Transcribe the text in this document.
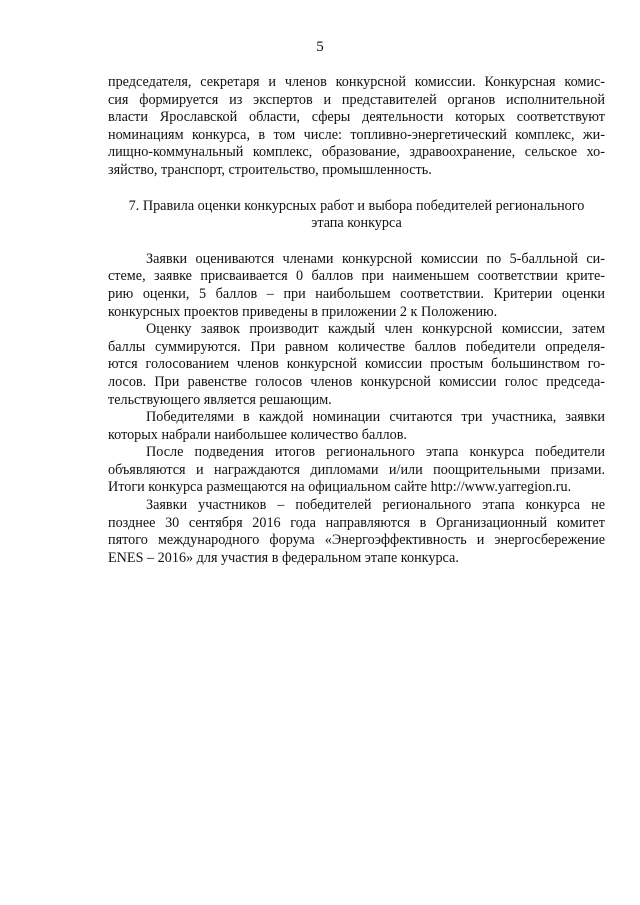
5
председателя, секретаря и членов конкурсной комиссии. Конкурсная комис-
сия формируется из экспертов и представителей органов исполнительной
власти Ярославской области, сферы деятельности которых соответствуют
номинациям конкурса, в том числе: топливно-энергетический комплекс, жи-
лищно-коммунальный комплекс, образование, здравоохранение, сельское хо-
зяйство, транспорт, строительство, промышленность.
7. Правила оценки конкурсных работ и выбора победителей регионального
этапа конкурса
Заявки оцениваются членами конкурсной комиссии по 5-балльной си-
стеме, заявке присваивается 0 баллов при наименьшем соответствии крите-
рию оценки, 5 баллов – при наибольшем соответствии. Критерии оценки
конкурсных проектов приведены в приложении 2 к Положению.
Оценку заявок производит каждый член конкурсной комиссии, затем
баллы суммируются. При равном количестве баллов победители определя-
ются голосованием членов конкурсной комиссии простым большинством го-
лосов. При равенстве голосов членов конкурсной комиссии голос председа-
тельствующего является решающим.
Победителями в каждой номинации считаются три участника, заявки
которых набрали наибольшее количество баллов.
После подведения итогов регионального этапа конкурса победители
объявляются и награждаются дипломами и/или поощрительными призами.
Итоги конкурса размещаются на официальном сайте http://www.yarregion.ru.
Заявки участников – победителей регионального этапа конкурса не
позднее 30 сентября 2016 года направляются в Организационный комитет
пятого международного форума «Энергоэффективность и энергосбережение
ENES – 2016» для участия в федеральном этапе конкурса.
